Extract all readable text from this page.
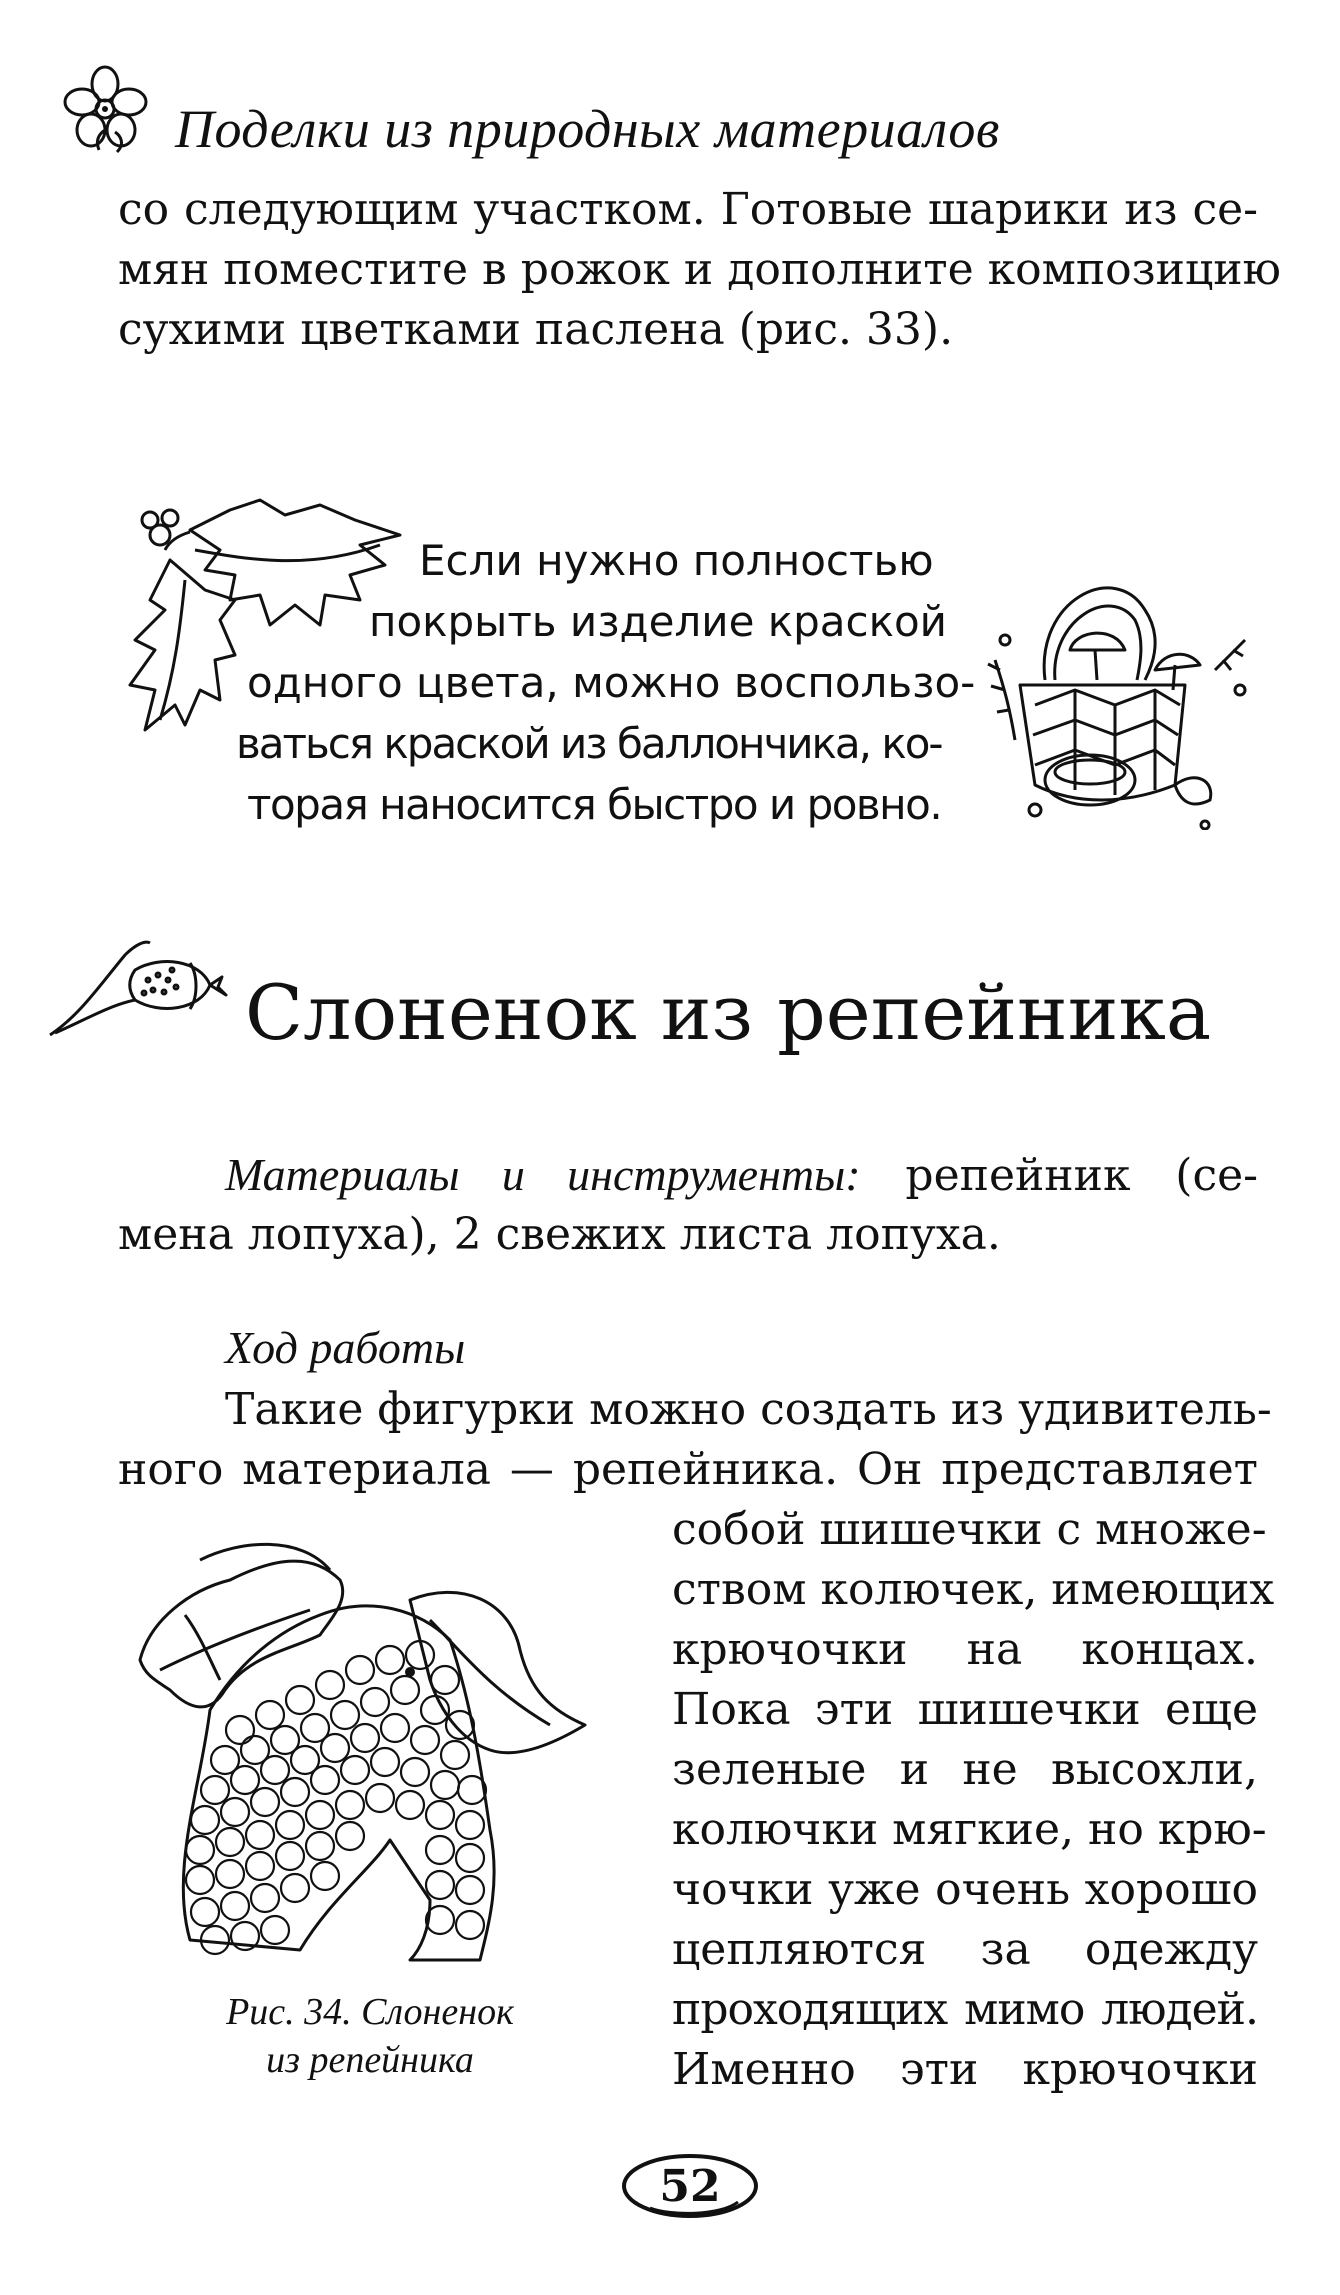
Поделки из природных материалов
со следующим участком. Готовые шарики из се-
мян поместите в рожок и дополните композицию
сухими цветками паслена (рис. 33).
Если нужно полностью
покрыть изделие краской
одного цвета, можно воспользо-
ваться краской из баллончика, ко-
торая наносится быстро и ровно.
Слоненок из репейника
Материалы и инструменты: репейник (се-
мена лопуха), 2 свежих листа лопуха.
Ход работы
Такие фигурки можно создать из удивитель-
ного материала — репейника. Он представляет
собой шишечки с множе-
ством колючек, имеющих
крючочки на концах.
Пока эти шишечки еще
зеленые и не высохли,
колючки мягкие, но крю-
чочки уже очень хорошо
цепляются за одежду
проходящих мимо людей.
Именно эти крючочки
Рис. 34. Слоненок
из репейника
52
